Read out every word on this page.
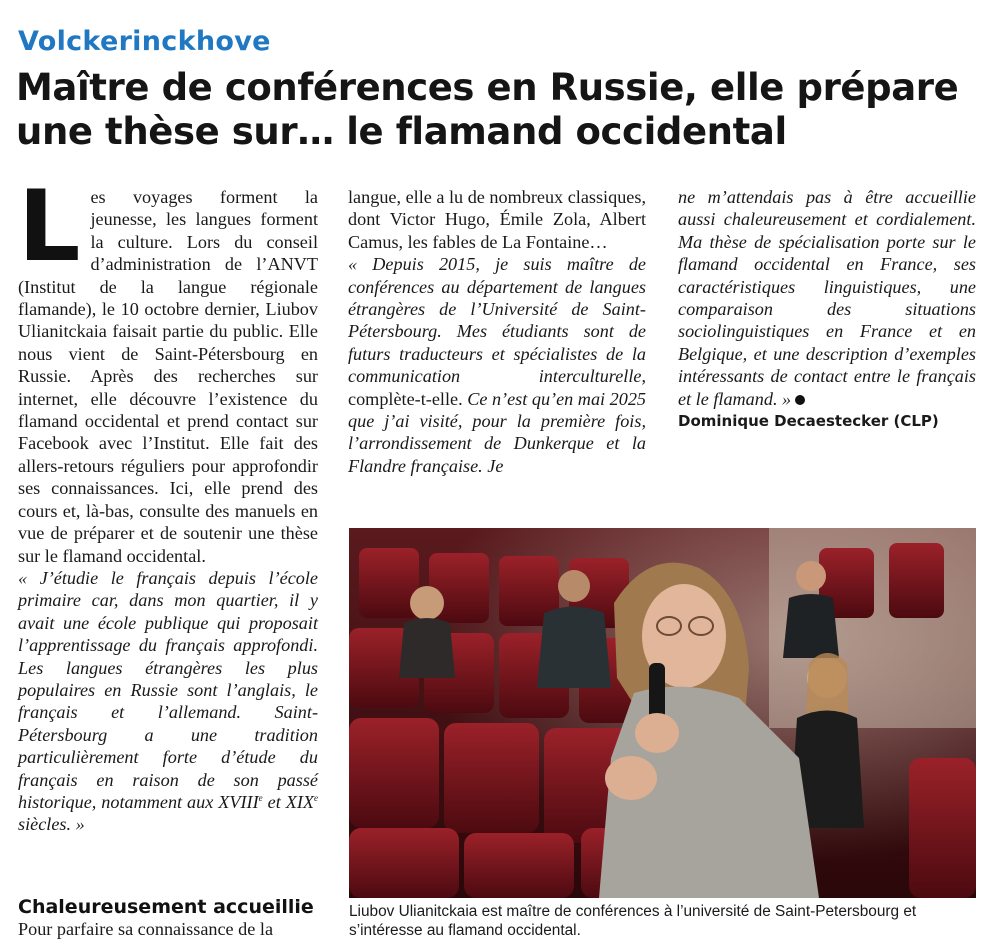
Volckerinckhove
Maître de conférences en Russie, elle prépare
une thèse sur… le flamand occidental
L es voyages forment la jeunesse, les langues forment la culture. Lors du conseil d’administration de l’ANVT (Institut de la langue régionale flamande), le 10 octobre dernier, Liubov Ulianitckaia faisait partie du public. Elle nous vient de Saint-Pétersbourg en Russie. Après des recherches sur internet, elle découvre l’existence du flamand occidental et prend contact sur Facebook avec l’Institut. Elle fait des allers-retours réguliers pour approfondir ses connaissances. Ici, elle prend des cours et, là-bas, consulte des manuels en vue de préparer et de soutenir une thèse sur le flamand occidental.

« J’étudie le français depuis l’école primaire car, dans mon quartier, il y avait une école publique qui proposait l’apprentissage du français approfondi. Les langues étrangères les plus populaires en Russie sont l’anglais, le français et l’allemand. Saint-Pétersbourg a une tradition particulièrement forte d’étude du français en raison de son passé historique, notamment aux XVIIIe et XIXe siècles. »

Chaleureusement accueillie
Pour parfaire sa connaissance de la

langue, elle a lu de nombreux classiques, dont Victor Hugo, Émile Zola, Albert Camus, les fables de La Fontaine…

« Depuis 2015, je suis maître de conférences au département de langues étrangères de l’Université de Saint-Pétersbourg. Mes étudiants sont de futurs traducteurs et spécialistes de la communication interculturelle, complète-t-elle. Ce n’est qu’en mai 2025 que j’ai visité, pour la première fois, l’arrondissement de Dunkerque et la Flandre française. Je

ne m’attendais pas à être accueillie aussi chaleureusement et cordialement. Ma thèse de spécialisation porte sur le flamand occidental en France, ses caractéristiques linguistiques, une comparaison des situations sociolinguistiques en France et en Belgique, et une description d’exemples intéressants de contact entre le français et le flamand. »

Dominique Decaestecker (CLP)

Liubov Ulianitckaia est maître de conférences à l’université de Saint-Petersbourg et s’intéresse au flamand occidental.
